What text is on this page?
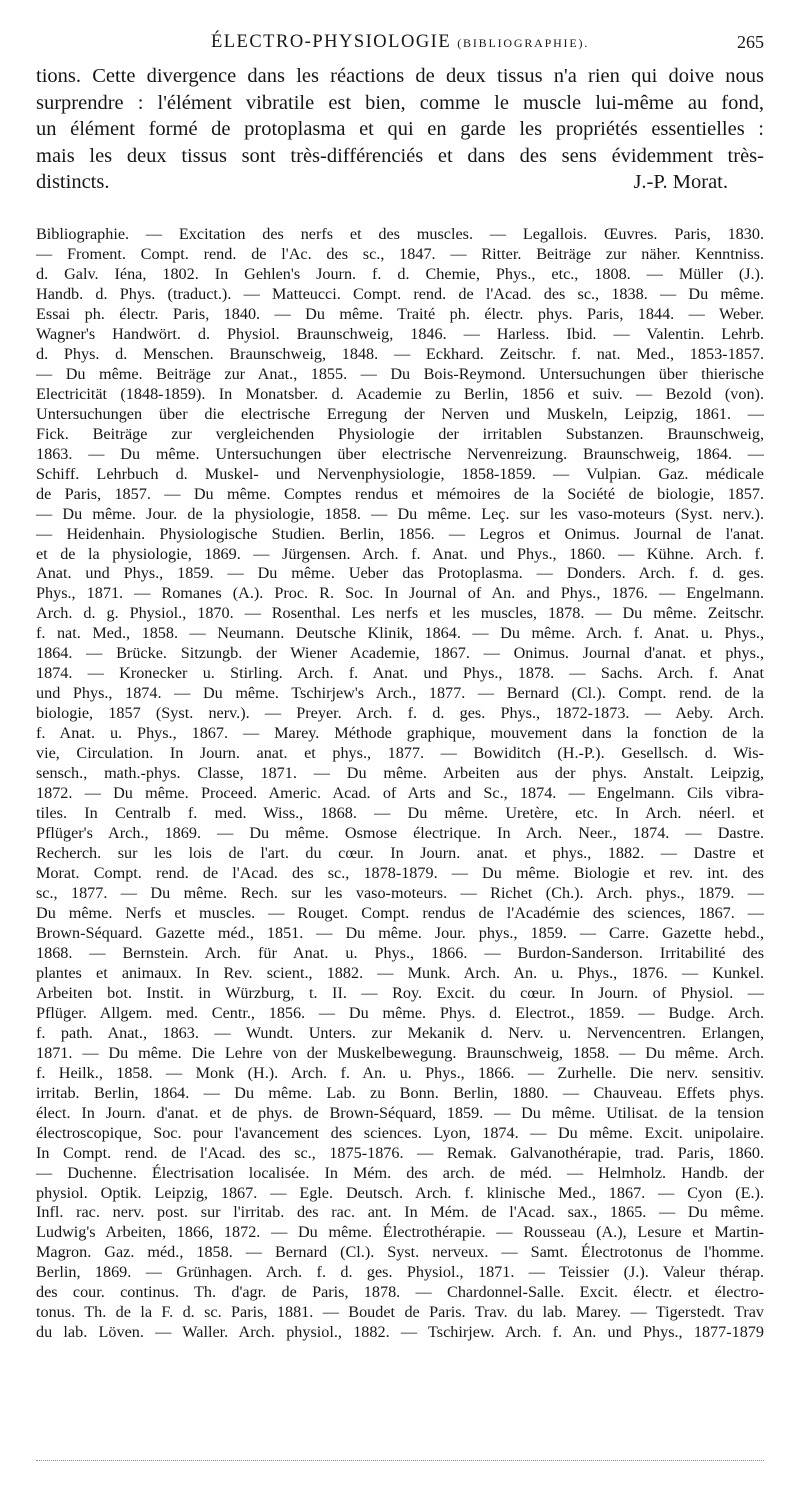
ÉLECTRO-PHYSIOLOGIE (BIBLIOGRAPHIE).	265
tions. Cette divergence dans les réactions de deux tissus n'a rien qui doive nous
surprendre : l'élément vibratile est bien, comme le muscle lui-même au fond,
un élément formé de protoplasma et qui en garde les propriétés essentielles :
mais les deux tissus sont très-différenciés et dans des sens évidemment très-
distincts.	J.-P. Morat.
Bibliographie. — Excitation des nerfs et des muscles. — Legallois. Œuvres. Paris, 1830.
— Froment. Compt. rend. de l'Ac. des sc., 1847. — Ritter. Beiträge zur näher. Kenntniss.
d. Galv. Iéna, 1802. In Gehlen's Journ. f. d. Chemie, Phys., etc., 1808. — Müller (J.).
Handb. d. Phys. (traduct.). — Matteucci. Compt. rend. de l'Acad. des sc., 1838. — Du même.
Essai ph. électr. Paris, 1840. — Du même. Traité ph. électr. phys. Paris, 1844. — Weber.
Wagner's Handwört. d. Physiol. Braunschweig, 1846. — Harless. Ibid. — Valentin. Lehrb.
d. Phys. d. Menschen. Braunschweig, 1848. — Eckhard. Zeitschr. f. nat. Med., 1853-1857.
— Du même. Beiträge zur Anat., 1855. — Du Bois-Reymond. Untersuchungen über thierische
Electricität (1848-1859). In Monatsber. d. Academie zu Berlin, 1856 et suiv. — Bezold (von).
Untersuchungen über die electrische Erregung der Nerven und Muskeln, Leipzig, 1861. —
Fick. Beiträge zur vergleichenden Physiologie der irritablen Substanzen. Braunschweig,
1863. — Du même. Untersuchungen über electrische Nervenreizung. Braunschweig, 1864. —
Schiff. Lehrbuch d. Muskel- und Nervenphysiologie, 1858-1859. — Vulpian. Gaz. médicale
de Paris, 1857. — Du même. Comptes rendus et mémoires de la Société de biologie, 1857.
— Du même. Jour. de la physiologie, 1858. — Du même. Leç. sur les vaso-moteurs (Syst. nerv.).
— Heidenhain. Physiologische Studien. Berlin, 1856. — Legros et Onimus. Journal de l'anat.
et de la physiologie, 1869. — Jürgensen. Arch. f. Anat. und Phys., 1860. — Kühne. Arch. f.
Anat. und Phys., 1859. — Du même. Ueber das Protoplasma. — Donders. Arch. f. d. ges.
Phys., 1871. — Romanes (A.). Proc. R. Soc. In Journal of An. and Phys., 1876. — Engelmann.
Arch. d. g. Physiol., 1870. — Rosenthal. Les nerfs et les muscles, 1878. — Du même. Zeitschr.
f. nat. Med., 1858. — Neumann. Deutsche Klinik, 1864. — Du même. Arch. f. Anat. u. Phys.,
1864. — Brücke. Sitzungb. der Wiener Academie, 1867. — Onimus. Journal d'anat. et phys.,
1874. — Kronecker u. Stirling. Arch. f. Anat. und Phys., 1878. — Sachs. Arch. f. Anat
und Phys., 1874. — Du même. Tschirjew's Arch., 1877. — Bernard (Cl.). Compt. rend. de la
biologie, 1857 (Syst. nerv.). — Preyer. Arch. f. d. ges. Phys., 1872-1873. — Aeby. Arch.
f. Anat. u. Phys., 1867. — Marey. Méthode graphique, mouvement dans la fonction de la
vie, Circulation. In Journ. anat. et phys., 1877. — Bowiditch (H.-P.). Gesellsch. d. Wis-
sensch., math.-phys. Classe, 1871. — Du même. Arbeiten aus der phys. Anstalt. Leipzig,
1872. — Du même. Proceed. Americ. Acad. of Arts and Sc., 1874. — Engelmann. Cils vibra-
tiles. In Centralb f. med. Wiss., 1868. — Du même. Uretère, etc. In Arch. néerl. et
Pflüger's Arch., 1869. — Du même. Osmose électrique. In Arch. Neer., 1874. — Dastre.
Recherch. sur les lois de l'art. du cœur. In Journ. anat. et phys., 1882. — Dastre et
Morat. Compt. rend. de l'Acad. des sc., 1878-1879. — Du même. Biologie et rev. int. des
sc., 1877. — Du même. Rech. sur les vaso-moteurs. — Richet (Ch.). Arch. phys., 1879. —
Du même. Nerfs et muscles. — Rouget. Compt. rendus de l'Académie des sciences, 1867. —
Brown-Séquard. Gazette méd., 1851. — Du même. Jour. phys., 1859. — Carre. Gazette hebd.,
1868. — Bernstein. Arch. für Anat. u. Phys., 1866. — Burdon-Sanderson. Irritabilité des
plantes et animaux. In Rev. scient., 1882. — Munk. Arch. An. u. Phys., 1876. — Kunkel.
Arbeiten bot. Instit. in Würzburg, t. II. — Roy. Excit. du cœur. In Journ. of Physiol. —
Pflüger. Allgem. med. Centr., 1856. — Du même. Phys. d. Electrot., 1859. — Budge. Arch.
f. path. Anat., 1863. — Wundt. Unters. zur Mekanik d. Nerv. u. Nervencentren. Erlangen,
1871. — Du même. Die Lehre von der Muskelbewegung. Braunschweig, 1858. — Du même. Arch.
f. Heilk., 1858. — Monk (H.). Arch. f. An. u. Phys., 1866. — Zurhelle. Die nerv. sensitiv.
irritab. Berlin, 1864. — Du même. Lab. zu Bonn. Berlin, 1880. — Chauveau. Effets phys.
élect. In Journ. d'anat. et de phys. de Brown-Séquard, 1859. — Du même. Utilisat. de la tension
électroscopique, Soc. pour l'avancement des sciences. Lyon, 1874. — Du même. Excit. unipolaire.
In Compt. rend. de l'Acad. des sc., 1875-1876. — Remak. Galvanothérapie, trad. Paris, 1860.
— Duchenne. Électrisation localisée. In Mém. des arch. de méd. — Helmholz. Handb. der
physiol. Optik. Leipzig, 1867. — Egle. Deutsch. Arch. f. klinische Med., 1867. — Cyon (E.).
Infl. rac. nerv. post. sur l'irritab. des rac. ant. In Mém. de l'Acad. sax., 1865. — Du même.
Ludwig's Arbeiten, 1866, 1872. — Du même. Électrothérapie. — Rousseau (A.), Lesure et Martin-
Magron. Gaz. méd., 1858. — Bernard (Cl.). Syst. nerveux. — Samt. Électrotonus de l'homme.
Berlin, 1869. — Grünhagen. Arch. f. d. ges. Physiol., 1871. — Teissier (J.). Valeur thérap.
des cour. continus. Th. d'agr. de Paris, 1878. — Chardonnel-Salle. Excit. électr. et électro-
tonus. Th. de la F. d. sc. Paris, 1881. — Boudet de Paris. Trav. du lab. Marey. — Tigerstedt. Trav
du lab. Löven. — Waller. Arch. physiol., 1882. — Tschirjew. Arch. f. An. und Phys., 1877-1879
